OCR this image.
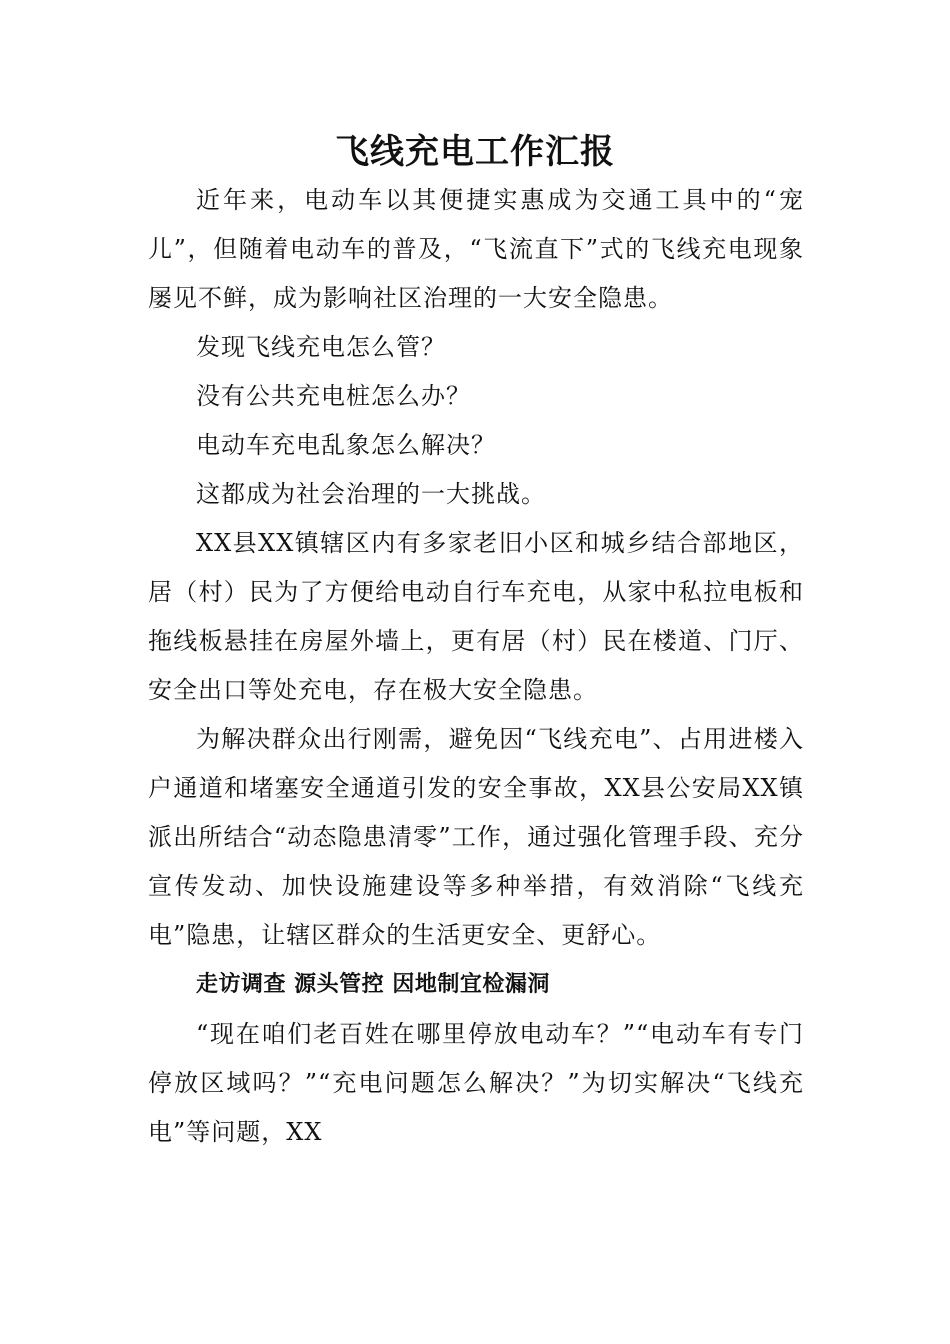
飞线充电工作汇报

近年来，电动车以其便捷实惠成为交通工具中的“宠儿”，但随着电动车的普及，“飞流直下”式的飞线充电现象屡见不鲜，成为影响社区治理的一大安全隐患。

发现飞线充电怎么管？

没有公共充电桩怎么办？

电动车充电乱象怎么解决？

这都成为社会治理的一大挑战。

XX县XX镇辖区内有多家老旧小区和城乡结合部地区，居（村）民为了方便给电动自行车充电，从家中私拉电板和拖线板悬挂在房屋外墙上，更有居（村）民在楼道、门厅、安全出口等处充电，存在极大安全隐患。

为解决群众出行刚需，避免因“飞线充电”、占用进楼入户通道和堵塞安全通道引发的安全事故，XX县公安局XX镇派出所结合“动态隐患清零”工作，通过强化管理手段、充分宣传发动、加快设施建设等多种举措，有效消除“飞线充电”隐患，让辖区群众的生活更安全、更舒心。

走访调查 源头管控 因地制宜检漏洞

“现在咱们老百姓在哪里停放电动车？”“电动车有专门停放区域吗？”“充电问题怎么解决？”为切实解决“飞线充电”等问题，XX
